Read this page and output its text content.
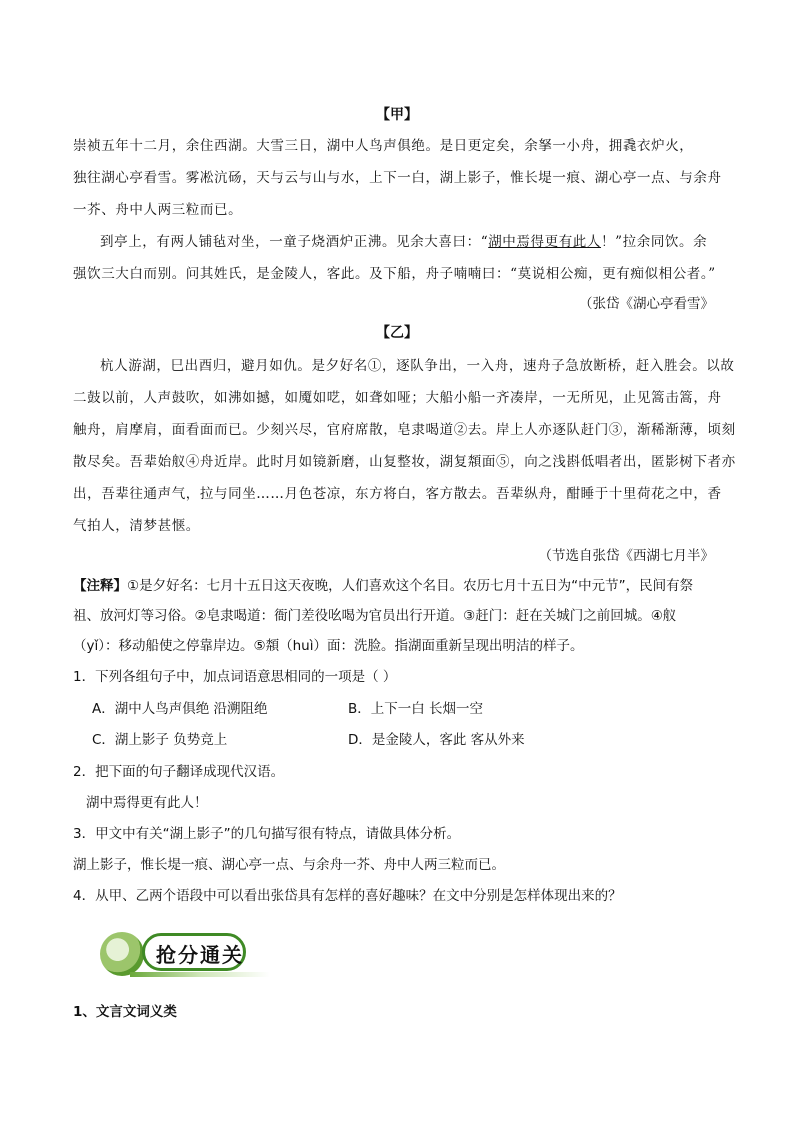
【甲】
崇祯五年十二月，余住西湖。大雪三日，湖中人鸟声俱绝。是日更定矣，余拏一小舟，拥毳衣炉火，
独往湖心亭看雪。雾凇沆砀，天与云与山与水，上下一白，湖上影子，惟长堤一痕、湖心亭一点、与余舟
一芥、舟中人两三粒而已。
到亭上，有两人铺毡对坐，一童子烧酒炉正沸。见余大喜曰：“湖中焉得更有此人！”拉余同饮。余
强饮三大白而别。问其姓氏，是金陵人，客此。及下船，舟子喃喃曰：“莫说相公痴，更有痴似相公者。”
（张岱《湖心亭看雪》
【乙】
杭人游湖，巳出酉归，避月如仇。是夕好名①，逐队争出，一入舟，速舟子急放断桥，赶入胜会。以故
二鼓以前，人声鼓吹，如沸如撼，如魇如呓，如聋如哑；大船小船一齐凑岸，一无所见，止见篙击篙，舟
触舟，肩摩肩，面看面而已。少刻兴尽，官府席散，皂隶喝道②去。岸上人亦逐队赶门③，渐稀渐薄，顷刻
散尽矣。吾辈始舣④舟近岸。此时月如镜新磨，山复整妆，湖复頮面⑤，向之浅斟低唱者出，匿影树下者亦
出，吾辈往通声气，拉与同坐……月色苍凉，东方将白，客方散去。吾辈纵舟，酣睡于十里荷花之中，香
气拍人，清梦甚惬。
（节选自张岱《西湖七月半》
【注释】①是夕好名：七月十五日这天夜晚，人们喜欢这个名目。农历七月十五日为“中元节”，民间有祭
祖、放河灯等习俗。②皂隶喝道：衙门差役吆喝为官员出行开道。③赶门：赶在关城门之前回城。④舣
（yǐ）：移动船使之停靠岸边。⑤頮（huì）面：洗脸。指湖面重新呈现出明洁的样子。
1．下列各组句子中，加点词语意思相同的一项是（ ）
A．湖中人鸟声俱绝 沿溯阻绝	B．上下一白 长烟一空
C．湖上影子 负势竞上	D．是金陵人，客此 客从外来
2．把下面的句子翻译成现代汉语。
湖中焉得更有此人！
3．甲文中有关“湖上影子”的几句描写很有特点，请做具体分析。
湖上影子，惟长堤一痕、湖心亭一点、与余舟一芥、舟中人两三粒而已。
4．从甲、乙两个语段中可以看出张岱具有怎样的喜好趣味？在文中分别是怎样体现出来的？
抢分通关
1、文言文词义类
